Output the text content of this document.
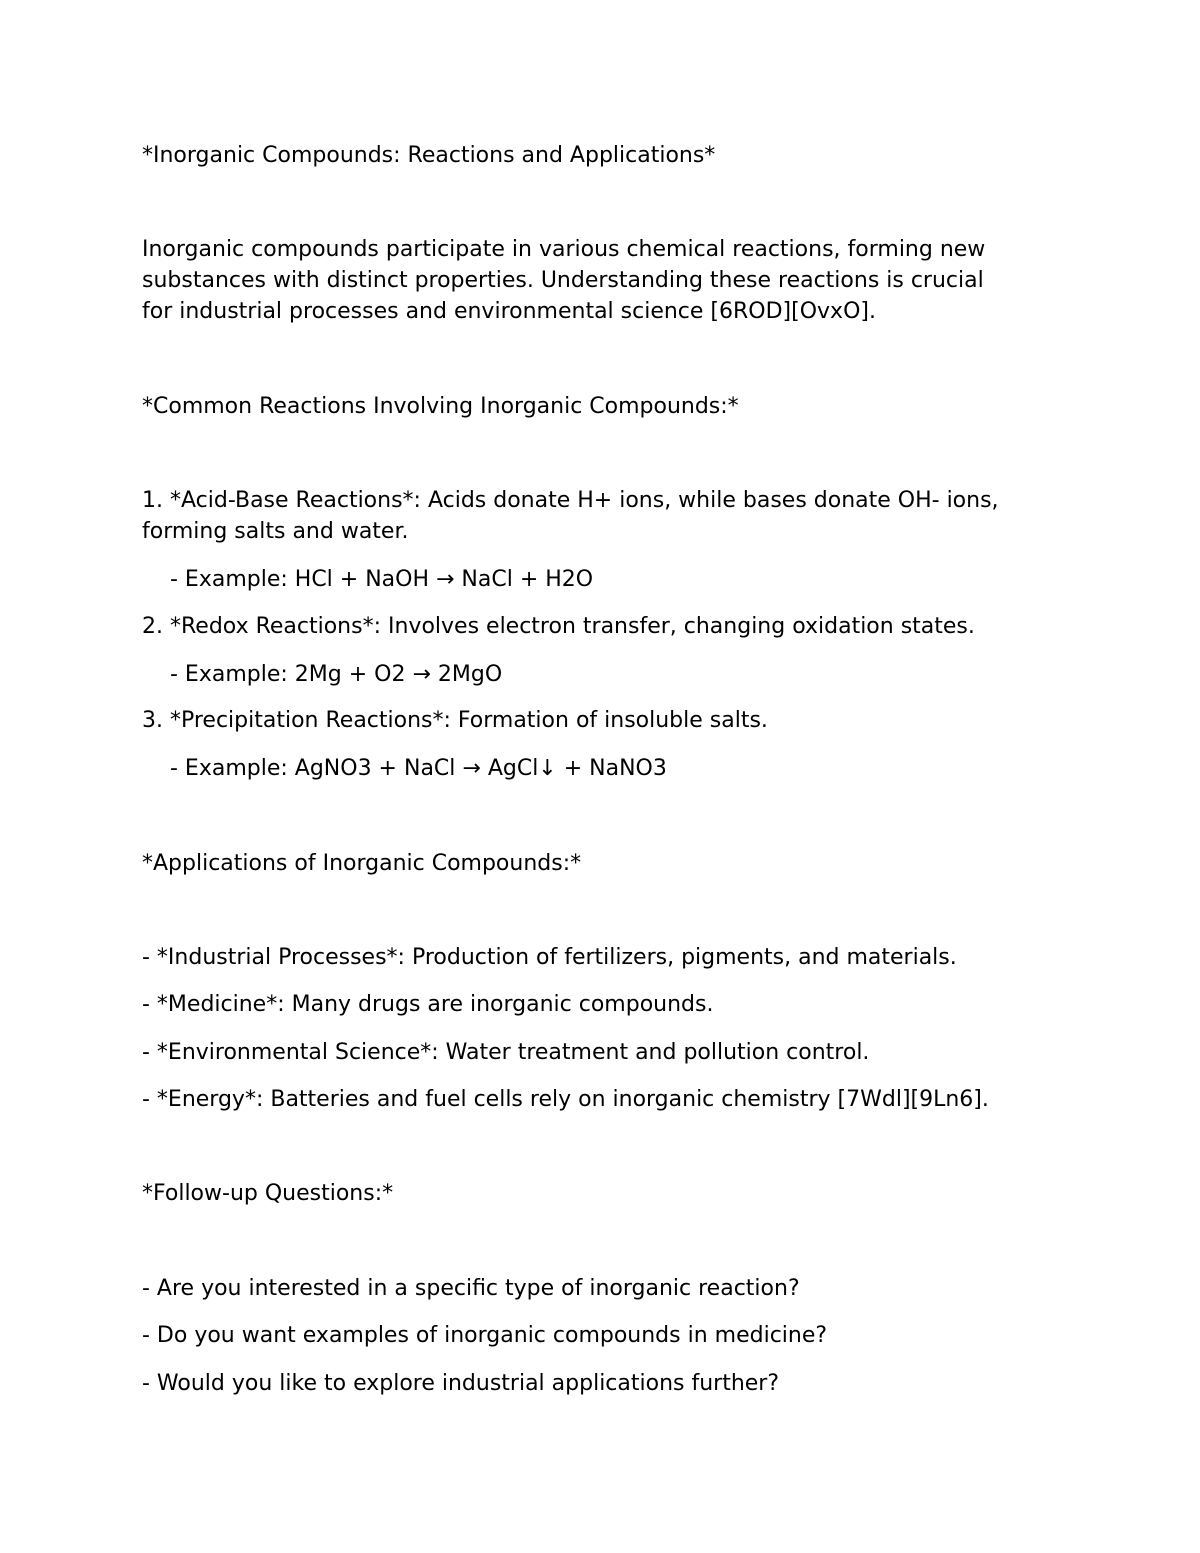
*Inorganic Compounds: Reactions and Applications*
Inorganic compounds participate in various chemical reactions, forming new
substances with distinct properties. Understanding these reactions is crucial
for industrial processes and environmental science [6ROD][OvxO].
*Common Reactions Involving Inorganic Compounds:*
1. *Acid-Base Reactions*: Acids donate H+ ions, while bases donate OH- ions,
forming salts and water.
- Example: HCl + NaOH → NaCl + H2O
2. *Redox Reactions*: Involves electron transfer, changing oxidation states.
- Example: 2Mg + O2 → 2MgO
3. *Precipitation Reactions*: Formation of insoluble salts.
- Example: AgNO3 + NaCl → AgCl↓ + NaNO3
*Applications of Inorganic Compounds:*
- *Industrial Processes*: Production of fertilizers, pigments, and materials.
- *Medicine*: Many drugs are inorganic compounds.
- *Environmental Science*: Water treatment and pollution control.
- *Energy*: Batteries and fuel cells rely on inorganic chemistry [7Wdl][9Ln6].
*Follow-up Questions:*
- Are you interested in a specific type of inorganic reaction?
- Do you want examples of inorganic compounds in medicine?
- Would you like to explore industrial applications further?
